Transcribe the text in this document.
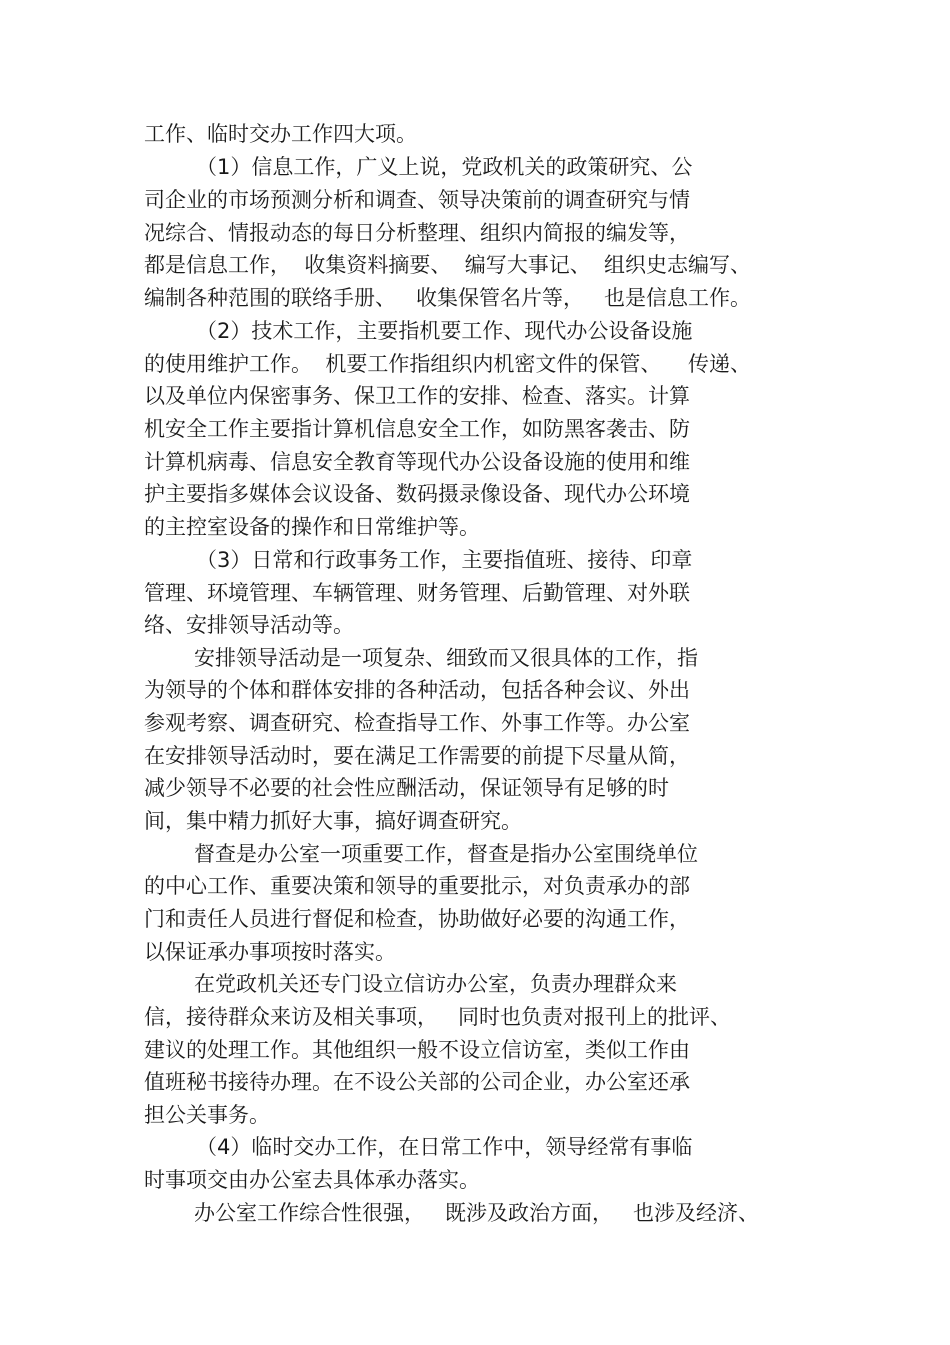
工作、临时交办工作四大项。

（1）信息工作，广义上说，党政机关的政策研究、公

司企业的市场预测分析和调查、领导决策前的调查研究与情

况综合、情报动态的每日分析整理、组织内简报的编发等，

都是信息工作，  收集资料摘要、  编写大事记、  组织史志编写、

编制各种范围的联络手册、   收集保管名片等，   也是信息工作。

（2）技术工作，主要指机要工作、现代办公设备设施

的使用维护工作。  机要工作指组织内机密文件的保管、    传递、

以及单位内保密事务、保卫工作的安排、检查、落实。计算

机安全工作主要指计算机信息安全工作，如防黑客袭击、防

计算机病毒、信息安全教育等现代办公设备设施的使用和维

护主要指多媒体会议设备、数码摄录像设备、现代办公环境

的主控室设备的操作和日常维护等。

（3）日常和行政事务工作，主要指值班、接待、印章

管理、环境管理、车辆管理、财务管理、后勤管理、对外联

络、安排领导活动等。

安排领导活动是一项复杂、细致而又很具体的工作，指

为领导的个体和群体安排的各种活动，包括各种会议、外出

参观考察、调查研究、检查指导工作、外事工作等。办公室

在安排领导活动时，要在满足工作需要的前提下尽量从简，

减少领导不必要的社会性应酬活动，保证领导有足够的时

间，集中精力抓好大事，搞好调查研究。

督查是办公室一项重要工作，督查是指办公室围绕单位

的中心工作、重要决策和领导的重要批示，对负责承办的部

门和责任人员进行督促和检查，协助做好必要的沟通工作，

以保证承办事项按时落实。

在党政机关还专门设立信访办公室，负责办理群众来

信，接待群众来访及相关事项，   同时也负责对报刊上的批评、

建议的处理工作。其他组织一般不设立信访室，类似工作由

值班秘书接待办理。在不设公关部的公司企业，办公室还承

担公关事务。

（4）临时交办工作，在日常工作中，领导经常有事临

时事项交由办公室去具体承办落实。

办公室工作综合性很强，   既涉及政治方面，   也涉及经济、
